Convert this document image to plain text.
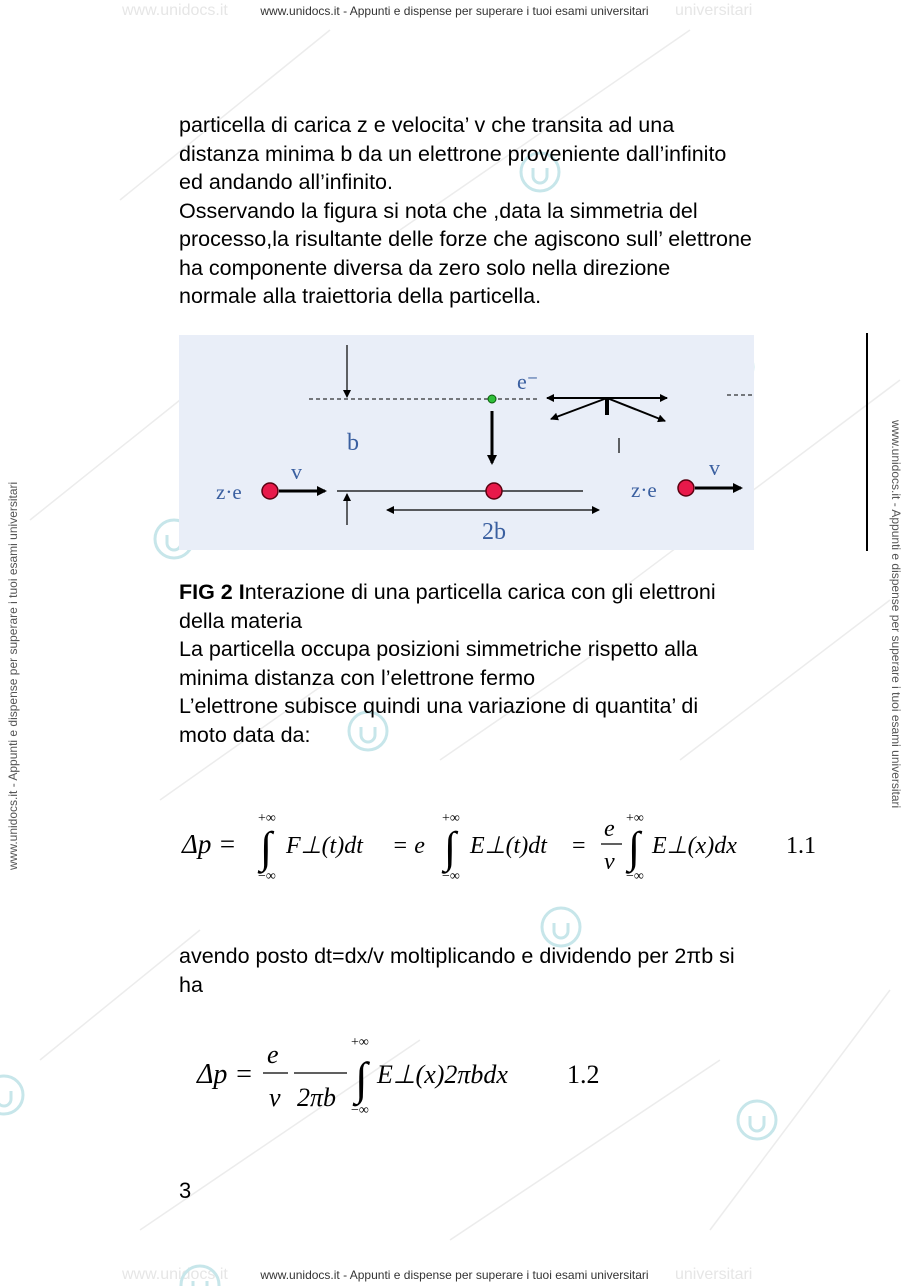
www.unidocs.it	universitari
www.unidocs.it - Appunti e dispense per superare i tuoi esami universitari
www.unidocs.it	universitari
www.unidocs.it - Appunti e dispense per superare i tuoi esami universitari
www.unidocs.it - Appunti e dispense per superare i tuoi esami universitari	www.unidocs.it - Appunti e dispense per superare i tuoi esami universitari
particella di carica z e velocita’ v che transita ad una
distanza minima b da un elettrone proveniente dall’infinito
ed andando all’infinito.
Osservando la figura si nota che ,data la simmetria del
processo,la risultante delle forze che agiscono sull’ elettrone
ha componente diversa da zero solo nella direzione
normale alla traiettoria della particella.
b
e⁻
2b
z·e
v
z·e
v
FIG 2 Interazione di una particella carica con gli elettroni
della materia
La particella occupa posizioni simmetriche rispetto alla
minima distanza con l’elettrone fermo
L’elettrone subisce quindi una variazione di quantita’ di
moto data da:
Δp =
+∞	+∞	+∞
∫	∫	∫
−∞	−∞	−∞
F⊥(t)dt = e E⊥(t)dt =
e
v
E⊥(x)dx 1.1
avendo posto dt=dx/v moltiplicando e dividendo per 2πb si
ha
Δp =
e
v 2πb
+∞
∫
−∞
E⊥(x)2πbdx 1.2
3
